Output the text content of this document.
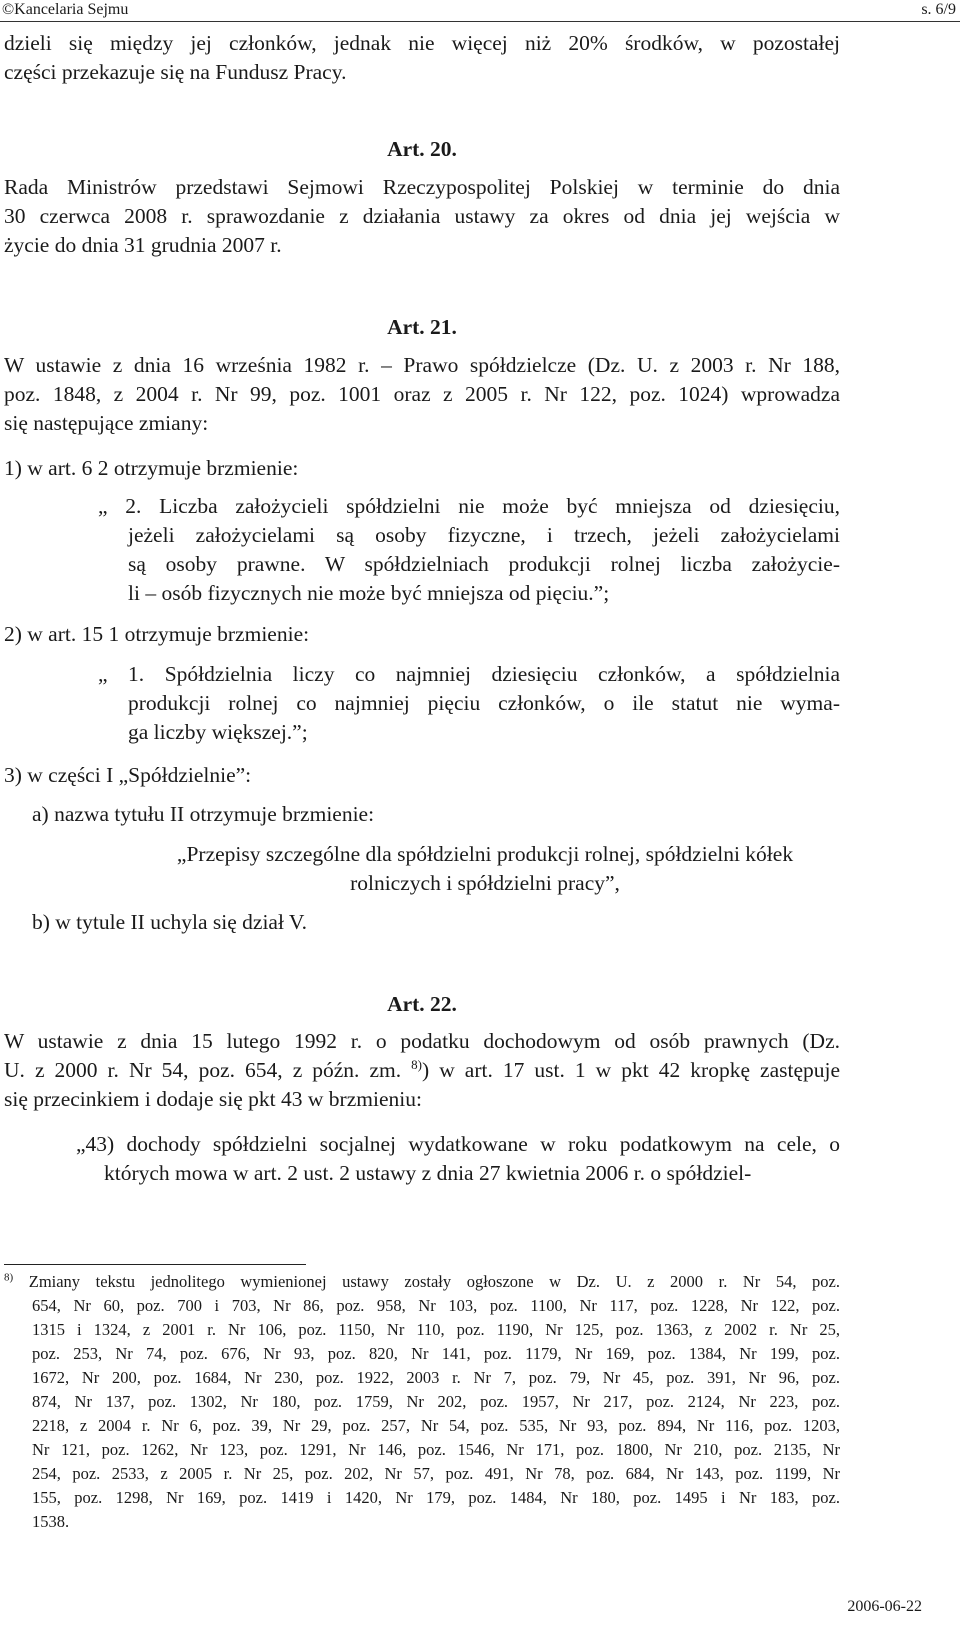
©Kancelaria Sejmu	s. 6/9
dzieli się między jej członków, jednak nie więcej niż 20% środków, w pozostałej
części przekazuje się na Fundusz Pracy.
Art. 20.
Rada Ministrów przedstawi Sejmowi Rzeczypospolitej Polskiej w terminie do dnia
30 czerwca 2008 r. sprawozdanie z działania ustawy za okres od dnia jej wejścia w
życie do dnia 31 grudnia 2007 r.
Art. 21.
W ustawie z dnia 16 września 1982 r. – Prawo spółdzielcze (Dz. U. z 2003 r. Nr 188,
poz. 1848, z 2004 r. Nr 99, poz. 1001 oraz z 2005 r. Nr 122, poz. 1024) wprowadza
się następujące zmiany:
1) w art. 6 2 otrzymuje brzmienie:
„ 2. Liczba założycieli spółdzielni nie może być mniejsza od dziesięciu,
jeżeli założycielami są osoby fizyczne, i trzech, jeżeli założycielami
są osoby prawne. W spółdzielniach produkcji rolnej liczba założycie-
li – osób fizycznych nie może być mniejsza od pięciu.”;
2) w art. 15 1 otrzymuje brzmienie:
„ 1. Spółdzielnia liczy co najmniej dziesięciu członków, a spółdzielnia
produkcji rolnej co najmniej pięciu członków, o ile statut nie wyma-
ga liczby większej.”;
3) w części I „Spółdzielnie”:
a) nazwa tytułu II otrzymuje brzmienie:
„Przepisy szczególne dla spółdzielni produkcji rolnej, spółdzielni kółek
rolniczych i spółdzielni pracy”,
b) w tytule II uchyla się dział V.
Art. 22.
W ustawie z dnia 15 lutego 1992 r. o podatku dochodowym od osób prawnych (Dz.
U. z 2000 r. Nr 54, poz. 654, z późn. zm. $^{8)}$) w art. 17 ust. 1 w pkt 42 kropkę zastępuje
się przecinkiem i dodaje się pkt 43 w brzmieniu:
„43) dochody spółdzielni socjalnej wydatkowane w roku podatkowym na cele, o
których mowa w art. 2 ust. 2 ustawy z dnia 27 kwietnia 2006 r. o spółdziel-
$^{8)}$ Zmiany tekstu jednolitego wymienionej ustawy zostały ogłoszone w Dz. U. z 2000 r. Nr 54, poz.
654, Nr 60, poz. 700 i 703, Nr 86, poz. 958, Nr 103, poz. 1100, Nr 117, poz. 1228, Nr 122, poz.
1315 i 1324, z 2001 r. Nr 106, poz. 1150, Nr 110, poz. 1190, Nr 125, poz. 1363, z 2002 r. Nr 25,
poz. 253, Nr 74, poz. 676, Nr 93, poz. 820, Nr 141, poz. 1179, Nr 169, poz. 1384, Nr 199, poz.
1672, Nr 200, poz. 1684, Nr 230, poz. 1922, 2003 r. Nr 7, poz. 79, Nr 45, poz. 391, Nr 96, poz.
874, Nr 137, poz. 1302, Nr 180, poz. 1759, Nr 202, poz. 1957, Nr 217, poz. 2124, Nr 223, poz.
2218, z 2004 r. Nr 6, poz. 39, Nr 29, poz. 257, Nr 54, poz. 535, Nr 93, poz. 894, Nr 116, poz. 1203,
Nr 121, poz. 1262, Nr 123, poz. 1291, Nr 146, poz. 1546, Nr 171, poz. 1800, Nr 210, poz. 2135, Nr
254, poz. 2533, z 2005 r. Nr 25, poz. 202, Nr 57, poz. 491, Nr 78, poz. 684, Nr 143, poz. 1199, Nr
155, poz. 1298, Nr 169, poz. 1419 i 1420, Nr 179, poz. 1484, Nr 180, poz. 1495 i Nr 183, poz.
1538.
2006-06-22
